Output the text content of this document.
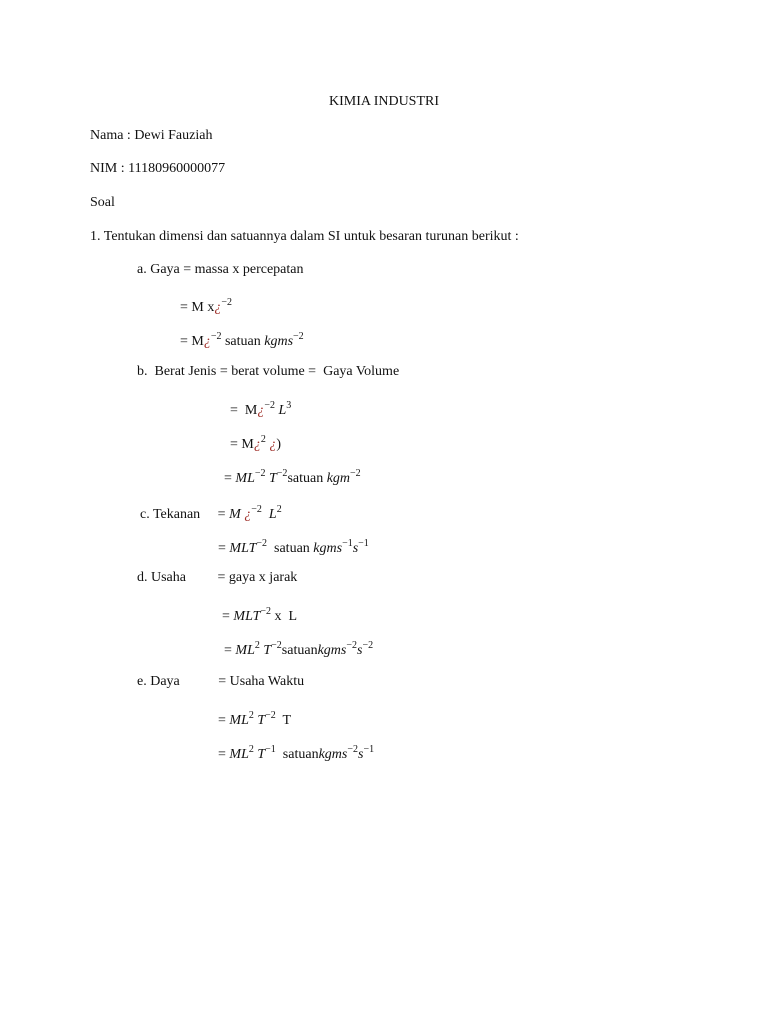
KIMIA INDUSTRI
Nama : Dewi Fauziah
NIM : 11180960000077
Soal
1. Tentukan dimensi dan satuannya dalam SI untuk besaran turunan berikut :
a. Gaya = massa x percepatan
= M x¿$^{-2}$
= M¿$^{-2}$ satuan kgms$^{-2}$
b.  Berat Jenis = berat volume =  Gaya Volume
=  M¿$^{-2}$ $L^3$
= M¿$^2$ ¿)
= $ML^{-2}$ $T^{-2}satuan$ kgm$^{-2}$
c. Tekanan     = M ¿$^{-2}$  $L^2$
= $MLT^{-2}$  satuan $kgms^{-1}s^{-1}$
d. Usaha         = gaya x jarak
= $MLT^{-2}$ x  L
= $ML^2$ $T^{-2}satuankgms^{-2}s^{-2}$
e. Daya           = Usaha Waktu
= $ML^2$ $T^{-2}$  T
= $ML^2$ $T^{-1}$  $satuankgms^{-2}s^{-1}$
